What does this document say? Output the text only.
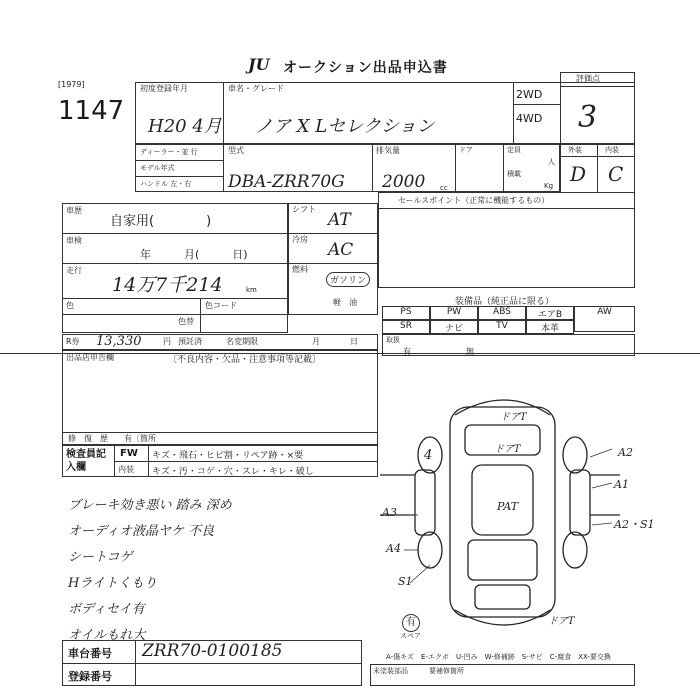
JU オークション出品申込書
[1979]
1147
初度登録年月	車名・グレード
H20 4月 ノア X Lセレクション
2WD
4WD
評価点
3
ディーラー・並 行
モデル年式
ハンドル 左・右
型式
DBA-ZRR70G
排気量
2000 cc
ドア	定員
人
積載
Kg
外装	内装
D C
車歴
自家用(　　　　)
車検
年　　　月(　　　日)
走行
14万7千214	km
色
色替
色コード
シフト
AT
冷房
AC
燃料
ガソリン
軽　油
セールスポイント（正常に機能するもの）
装備品（純正品に限る）
PS	PW	ABS	エアB	AW
SR	ナビ	TV	本革
R券 13,330	円 預託済	名変期限	月	日	取扱
有	無
出品店申告欄	〔不良内容・欠品・注意事項等記載〕
修　復　歴　　有〔箇所
検査員記入欄
FW キズ・飛石・ヒビ割・リペア跡・×要
内装 キズ・汚・コゲ・穴・スレ・キレ・破し
ブレーキ効き悪い 踏み 深め
オーディオ液晶ヤケ 不良
シートコゲ
Hライトくもり
ボディセイ有
オイルもれ大
ドアT
ドアT
PAT
A2
A1
A2・S1
A3
A4
S1
4
ドアT
有
スペア
A-傷キズ　E-エクボ　U-凹み　W-修補跡　S-サビ　C-腐食　XX-要交換
未塗装部品　　　要補修箇所
車台番号 ZRR70-0100185
登録番号
